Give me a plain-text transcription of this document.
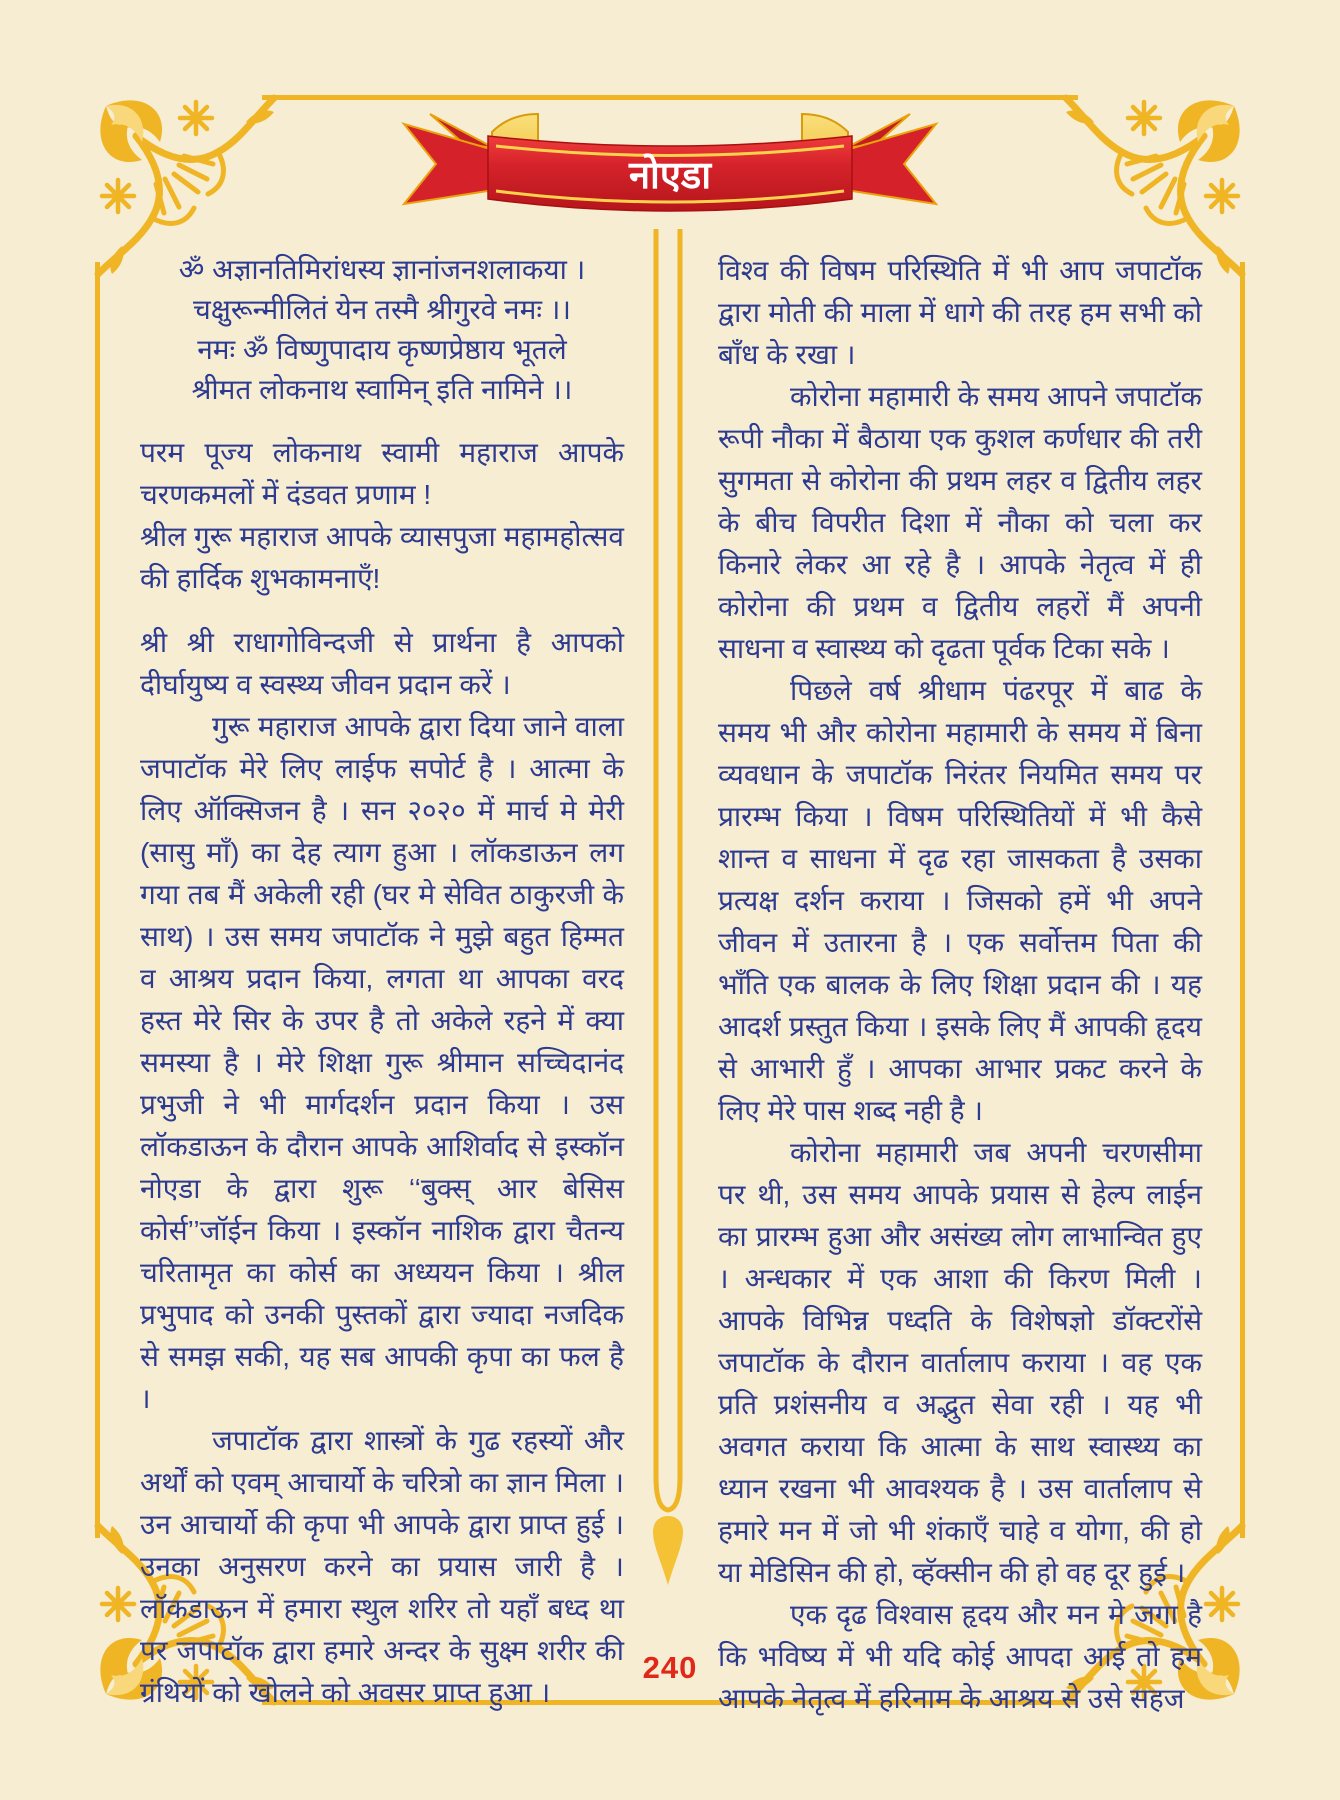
नोएडा
ॐ अज्ञानतिमिरांधस्य ज्ञानांजनशलाकया ।
चक्षुरून्मीलितं येन तस्मै श्रीगुरवे नमः ।।
नमः ॐ विष्णुपादाय कृष्णप्रेष्ठाय भूतले
श्रीमत लोकनाथ स्वामिन् इति नामिने ।।

परम पूज्य लोकनाथ स्वामी महाराज आपके चरणकमलों में दंडवत प्रणाम !

श्रील गुरू महाराज आपके व्यासपुजा महामहोत्सव की हार्दिक शुभकामनाएँ!

श्री श्री राधागोविन्दजी से प्रार्थना है आपको दीर्घायुष्य व स्वस्थ्य जीवन प्रदान करें ।

गुरू महाराज आपके द्वारा दिया जाने वाला जपाटॉक मेरे लिए लाईफ सपोर्ट है । आत्मा के लिए ऑक्सिजन है । सन २०२० में मार्च मे मेरी (सासु माँ) का देह त्याग हुआ । लॉकडाऊन लग गया तब मैं अकेली रही (घर मे सेवित ठाकुरजी के साथ) । उस समय जपाटॉक ने मुझे बहुत हिम्मत व आश्रय प्रदान किया, लगता था आपका वरद हस्त मेरे सिर के उपर है तो अकेले रहने में क्या समस्या है । मेरे शिक्षा गुरू श्रीमान सच्चिदानंद प्रभुजी ने भी मार्गदर्शन प्रदान किया । उस लॉकडाऊन के दौरान आपके आशिर्वाद से इस्कॉन नोएडा के द्वारा शुरू ‘‘बुक्स् आर बेसिस कोर्स’’जॉईन किया । इस्कॉन नाशिक द्वारा चैतन्य चरितामृत का कोर्स का अध्ययन किया । श्रील प्रभुपाद को उनकी पुस्तकों द्वारा ज्यादा नजदिक से समझ सकी, यह सब आपकी कृपा का फल है ।

जपाटॉक द्वारा शास्त्रों के गुढ रहस्यों और अर्थों को एवम् आचार्यो के चरित्रो का ज्ञान मिला । उन आचार्यो की कृपा भी आपके द्वारा प्राप्त हुई । उनका अनुसरण करने का प्रयास जारी है । लॉकडाऊन में हमारा स्थुल शरिर तो यहाँ बध्द था पर जपाटॉक द्वारा हमारे अन्दर के सुक्ष्म शरीर की ग्रंथियों को खोलने को अवसर प्राप्त हुआ ।

विश्व की विषम परिस्थिति में भी आप जपाटॉक द्वारा मोती की माला में धागे की तरह हम सभी को बाँध के रखा ।

कोरोना महामारी के समय आपने जपाटॉक रूपी नौका में बैठाया एक कुशल कर्णधार की तरी सुगमता से कोरोना की प्रथम लहर व द्वितीय लहर के बीच विपरीत दिशा में नौका को चला कर किनारे लेकर आ रहे है । आपके नेतृत्व में ही कोरोना की प्रथम व द्वितीय लहरों मैं अपनी साधना व स्वास्थ्य को दृढता पूर्वक टिका सके ।

पिछले वर्ष श्रीधाम पंढरपूर में बाढ के समय भी और कोरोना महामारी के समय में बिना व्यवधान के जपाटॉक निरंतर नियमित समय पर प्रारम्भ किया । विषम परिस्थितियों में भी कैसे शान्त व साधना में दृढ रहा जासकता है उसका प्रत्यक्ष दर्शन कराया । जिसको हमें भी अपने जीवन में उतारना है । एक सर्वोत्तम पिता की भाँति एक बालक के लिए शिक्षा प्रदान की । यह आदर्श प्रस्तुत किया । इसके लिए मैं आपकी हृदय से आभारी हुँ । आपका आभार प्रकट करने के लिए मेरे पास शब्द नही है ।

कोरोना महामारी जब अपनी चरणसीमा पर थी, उस समय आपके प्रयास से हेल्प लाईन का प्रारम्भ हुआ और असंख्य लोग लाभान्वित हुए । अन्धकार में एक आशा की किरण मिली । आपके विभिन्न पध्दति के विशेषज्ञो डॉक्टरोंसे जपाटॉक के दौरान वार्तालाप कराया । वह एक प्रति प्रशंसनीय व अद्भुत सेवा रही । यह भी अवगत कराया कि आत्मा के साथ स्वास्थ्य का ध्यान रखना भी आवश्यक है । उस वार्तालाप से हमारे मन में जो भी शंकाएँ चाहे व योगा, की हो या मेडिसिन की हो, व्हॅक्सीन की हो वह दूर हुई ।

एक दृढ विश्वास हृदय और मन मे जगा है कि भविष्य में भी यदि कोई आपदा आई तो हम आपके नेतृत्व में हरिनाम के आश्रय से उसे सहज

240
